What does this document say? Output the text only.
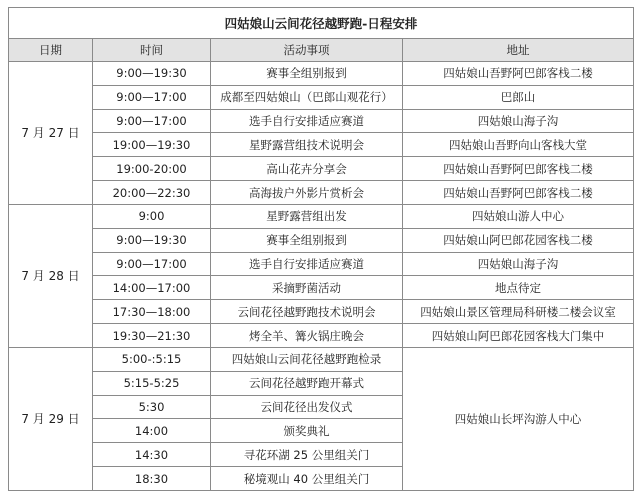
四姑娘山云间花径越野跑-日程安排			
日期	时间	活动事项	地址
7 月 27 日	9:00—19:30	赛事全组别报到	四姑娘山吾野阿巴郎客栈二楼
	9:00—17:00	成都至四姑娘山（巴郎山观花行）	巴郎山
	9:00—17:00	选手自行安排适应赛道	四姑娘山海子沟
	19:00—19:30	星野露营组技术说明会	四姑娘山吾野向山客栈大堂
	19:00-20:00	高山花卉分享会	四姑娘山吾野阿巴郎客栈二楼
	20:00—22:30	高海拔户外影片赏析会	四姑娘山吾野阿巴郎客栈二楼
7 月 28 日	9:00	星野露营组出发	四姑娘山游人中心
	9:00—19:30	赛事全组别报到	四姑娘山阿巴郎花园客栈二楼
	9:00—17:00	选手自行安排适应赛道	四姑娘山海子沟
	14:00—17:00	采摘野菌活动	地点待定
	17:30—18:00	云间花径越野跑技术说明会	四姑娘山景区管理局科研楼二楼会议室
	19:30—21:30	烤全羊、篝火锅庄晚会	四姑娘山阿巴郎花园客栈大门集中
7 月 29 日	5:00-:5:15	四姑娘山云间花径越野跑检录	四姑娘山长坪沟游人中心
	5:15-5:25	云间花径越野跑开幕式	
	5:30	云间花径出发仪式	
	14:00	颁奖典礼	
	14:30	寻花环湖 25 公里组关门	
	18:30	秘境观山 40 公里组关门	
